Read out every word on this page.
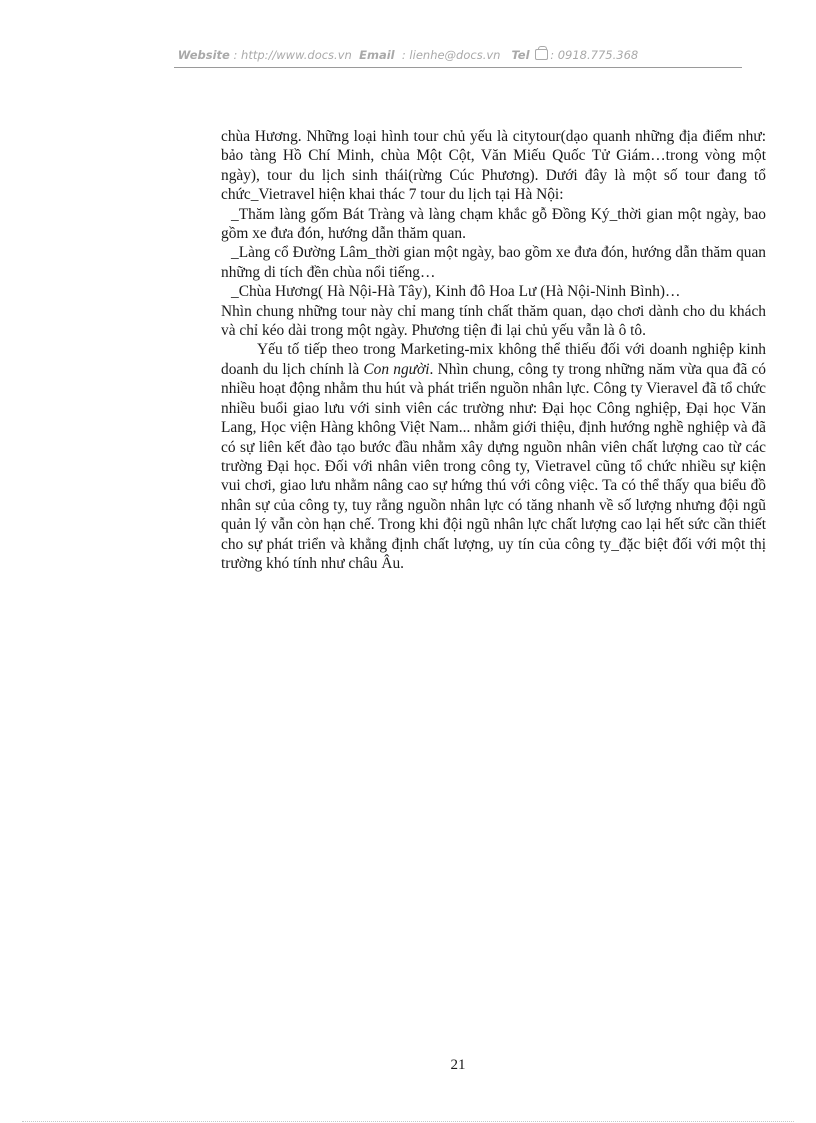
Website : http://www.docs.vn Email : lienhe@docs.vn Tel : 0918.775.368

chùa Hương. Những loại hình tour chủ yếu là citytour(dạo quanh những địa điểm như: bảo tàng Hồ Chí Minh, chùa Một Cột, Văn Miếu Quốc Tử Giám…trong vòng một ngày), tour du lịch sinh thái(rừng Cúc Phương). Dưới đây là một số tour đang tổ chức_Vietravel hiện khai thác 7 tour du lịch tại Hà Nội:

_Thăm làng gốm Bát Tràng và làng chạm khắc gỗ Đồng Ký_thời gian một ngày, bao gồm xe đưa đón, hướng dẫn thăm quan.

_Làng cổ Đường Lâm_thời gian một ngày, bao gồm xe đưa đón, hướng dẫn thăm quan những di tích đền chùa nổi tiếng…

_Chùa Hương( Hà Nội-Hà Tây), Kinh đô Hoa Lư (Hà Nội-Ninh Bình)…

Nhìn chung những tour này chỉ mang tính chất thăm quan, dạo chơi dành cho du khách và chỉ kéo dài trong một ngày. Phương tiện đi lại chủ yếu vẫn là ô tô.

Yếu tố tiếp theo trong Marketing-mix không thể thiếu đối với doanh nghiệp kinh doanh du lịch chính là Con người. Nhìn chung, công ty trong những năm vừa qua đã có nhiều hoạt động nhằm thu hút và phát triển nguồn nhân lực. Công ty Vieravel đã tổ chức nhiều buổi giao lưu với sinh viên các trường như: Đại học Công nghiệp, Đại học Văn Lang, Học viện Hàng không Việt Nam... nhằm giới thiệu, định hướng nghề nghiệp và đã có sự liên kết đào tạo bước đầu nhằm xây dựng nguồn nhân viên chất lượng cao từ các trường Đại học. Đối với nhân viên trong công ty, Vietravel cũng tổ chức nhiều sự kiện vui chơi, giao lưu nhằm nâng cao sự hứng thú với công việc. Ta có thể thấy qua biểu đồ nhân sự của công ty, tuy rằng nguồn nhân lực có tăng nhanh về số lượng nhưng đội ngũ quản lý vẫn còn hạn chế. Trong khi đội ngũ nhân lực chất lượng cao lại hết sức cần thiết cho sự phát triển và khẳng định chất lượng, uy tín của công ty_đặc biệt đối với một thị trường khó tính như châu Âu.

21
